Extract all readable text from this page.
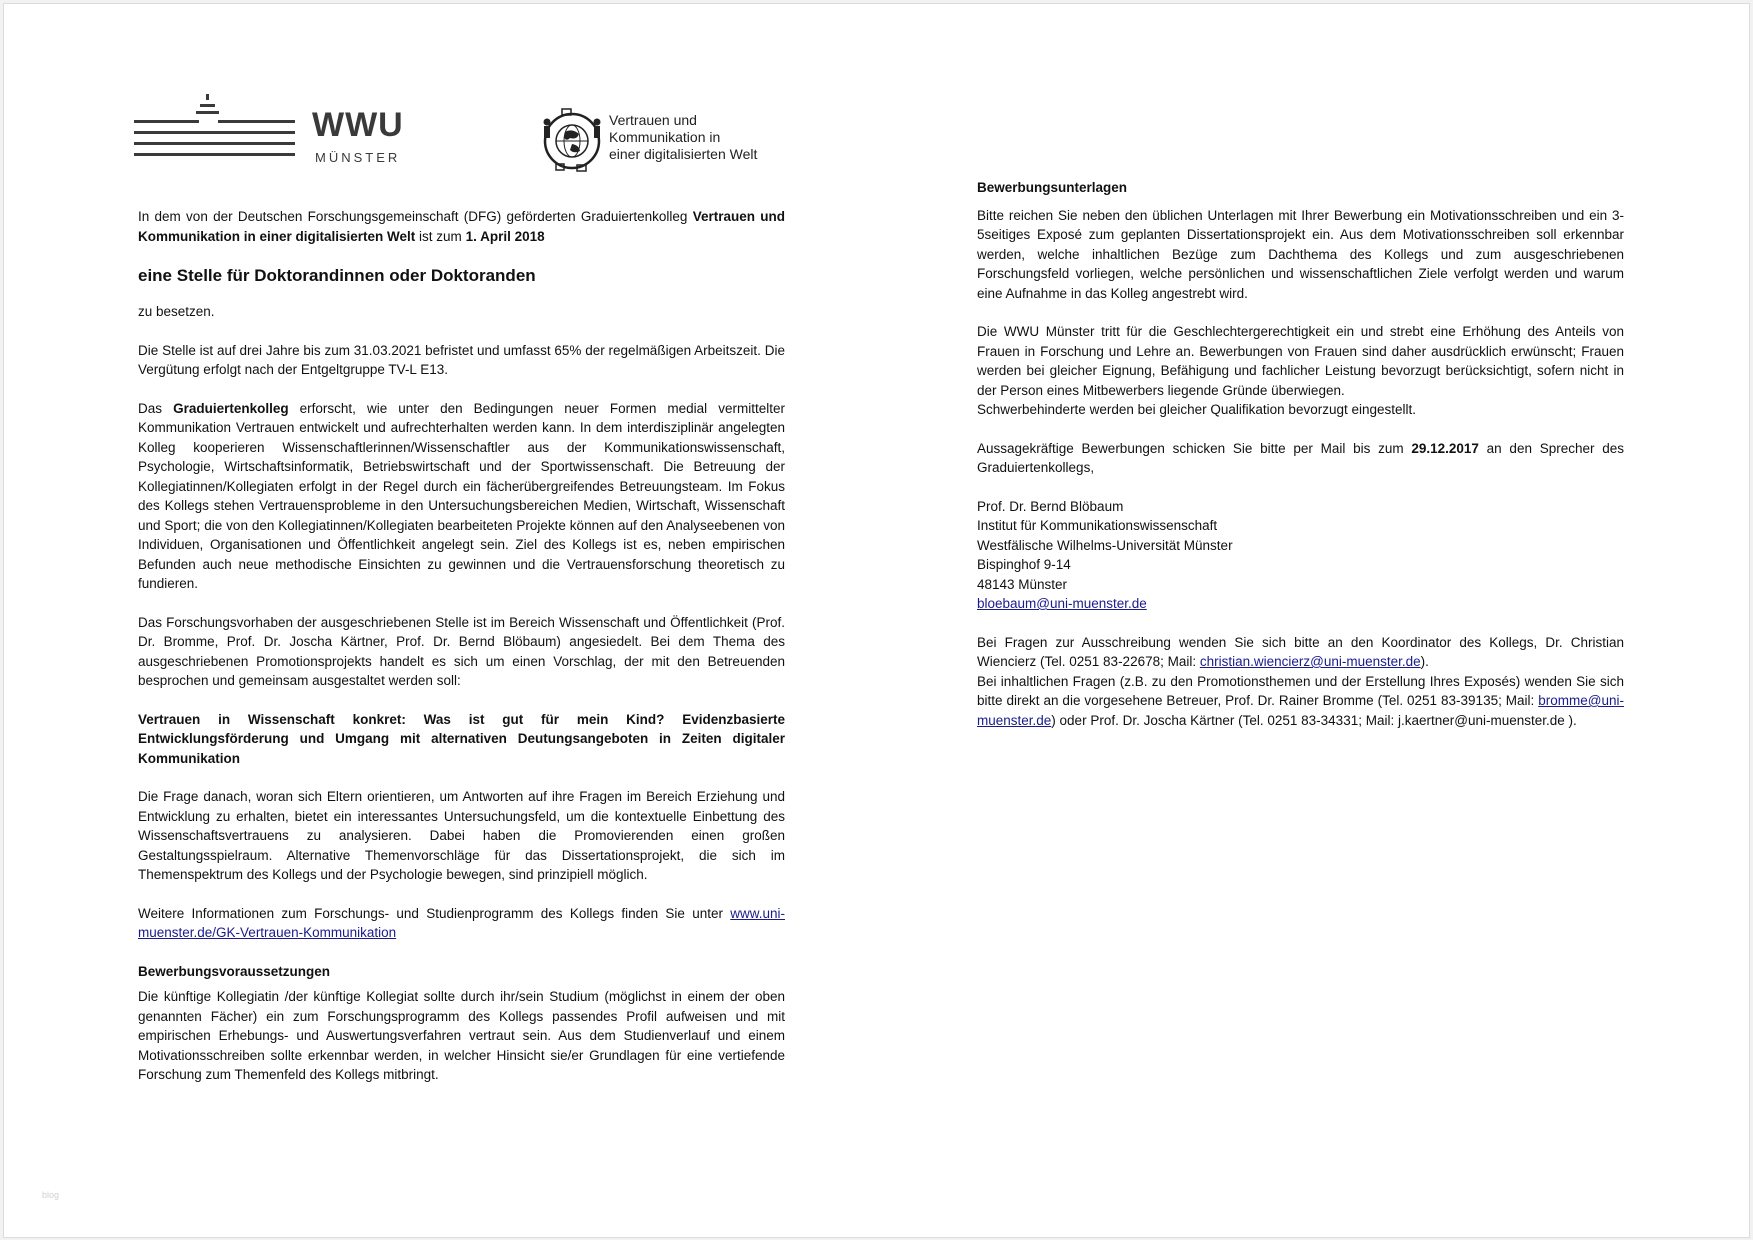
WWU
MÜNSTER
Vertrauen und
Kommunikation in
einer digitalisierten Welt

In dem von der Deutschen Forschungsgemeinschaft (DFG) geförderten Graduiertenkolleg Vertrauen und Kommunikation in einer digitalisierten Welt ist zum 1. April 2018

eine Stelle für Doktorandinnen oder Doktoranden

zu besetzen.

Die Stelle ist auf drei Jahre bis zum 31.03.2021 befristet und umfasst 65% der regelmäßigen Arbeitszeit. Die Vergütung erfolgt nach der Entgeltgruppe TV-L E13.

Das Graduiertenkolleg erforscht, wie unter den Bedingungen neuer Formen medial vermittelter Kommunikation Vertrauen entwickelt und aufrechterhalten werden kann. In dem interdisziplinär angelegten Kolleg kooperieren Wissenschaftlerinnen/Wissenschaftler aus der Kommunikationswissenschaft, Psychologie, Wirtschaftsinformatik, Betriebswirtschaft und der Sportwissenschaft. Die Betreuung der Kollegiatinnen/Kollegiaten erfolgt in der Regel durch ein fächerübergreifendes Betreuungsteam. Im Fokus des Kollegs stehen Vertrauensprobleme in den Untersuchungsbereichen Medien, Wirtschaft, Wissenschaft und Sport; die von den Kollegiatinnen/Kollegiaten bearbeiteten Projekte können auf den Analyseebenen von Individuen, Organisationen und Öffentlichkeit angelegt sein. Ziel des Kollegs ist es, neben empirischen Befunden auch neue methodische Einsichten zu gewinnen und die Vertrauensforschung theoretisch zu fundieren.

Das Forschungsvorhaben der ausgeschriebenen Stelle ist im Bereich Wissenschaft und Öffentlichkeit (Prof. Dr. Bromme, Prof. Dr. Joscha Kärtner, Prof. Dr. Bernd Blöbaum) angesiedelt. Bei dem Thema des ausgeschriebenen Promotionsprojekts handelt es sich um einen Vorschlag, der mit den Betreuenden besprochen und gemeinsam ausgestaltet werden soll:

Vertrauen in Wissenschaft konkret: Was ist gut für mein Kind? Evidenzbasierte Entwicklungsförderung und Umgang mit alternativen Deutungsangeboten in Zeiten digitaler Kommunikation

Die Frage danach, woran sich Eltern orientieren, um Antworten auf ihre Fragen im Bereich Erziehung und Entwicklung zu erhalten, bietet ein interessantes Untersuchungsfeld, um die kontextuelle Einbettung des Wissenschaftsvertrauens zu analysieren. Dabei haben die Promovierenden einen großen Gestaltungsspielraum. Alternative Themenvorschläge für das Dissertationsprojekt, die sich im Themenspektrum des Kollegs und der Psychologie bewegen, sind prinzipiell möglich.

Weitere Informationen zum Forschungs- und Studienprogramm des Kollegs finden Sie unter www.uni-muenster.de/GK-Vertrauen-Kommunikation

Bewerbungsvoraussetzungen

Die künftige Kollegiatin /der künftige Kollegiat sollte durch ihr/sein Studium (möglichst in einem der oben genannten Fächer) ein zum Forschungsprogramm des Kollegs passendes Profil aufweisen und mit empirischen Erhebungs- und Auswertungsverfahren vertraut sein. Aus dem Studienverlauf und einem Motivationsschreiben sollte erkennbar werden, in welcher Hinsicht sie/er Grundlagen für eine vertiefende Forschung zum Themenfeld des Kollegs mitbringt.

Bewerbungsunterlagen

Bitte reichen Sie neben den üblichen Unterlagen mit Ihrer Bewerbung ein Motivationsschreiben und ein 3-5seitiges Exposé zum geplanten Dissertationsprojekt ein. Aus dem Motivationsschreiben soll erkennbar werden, welche inhaltlichen Bezüge zum Dachthema des Kollegs und zum ausgeschriebenen Forschungsfeld vorliegen, welche persönlichen und wissenschaftlichen Ziele verfolgt werden und warum eine Aufnahme in das Kolleg angestrebt wird.

Die WWU Münster tritt für die Geschlechtergerechtigkeit ein und strebt eine Erhöhung des Anteils von Frauen in Forschung und Lehre an. Bewerbungen von Frauen sind daher ausdrücklich erwünscht; Frauen werden bei gleicher Eignung, Befähigung und fachlicher Leistung bevorzugt berücksichtigt, sofern nicht in der Person eines Mitbewerbers liegende Gründe überwiegen.

Schwerbehinderte werden bei gleicher Qualifikation bevorzugt eingestellt.

Aussagekräftige Bewerbungen schicken Sie bitte per Mail bis zum 29.12.2017 an den Sprecher des Graduiertenkollegs,

Prof. Dr. Bernd Blöbaum
Institut für Kommunikationswissenschaft
Westfälische Wilhelms-Universität Münster
Bispinghof 9-14
48143 Münster
bloebaum@uni-muenster.de

Bei Fragen zur Ausschreibung wenden Sie sich bitte an den Koordinator des Kollegs, Dr. Christian Wiencierz (Tel. 0251 83-22678; Mail: christian.wiencierz@uni-muenster.de).

Bei inhaltlichen Fragen (z.B. zu den Promotionsthemen und der Erstellung Ihres Exposés) wenden Sie sich bitte direkt an die vorgesehene Betreuer, Prof. Dr. Rainer Bromme (Tel. 0251 83-39135; Mail: bromme@uni-muenster.de) oder Prof. Dr. Joscha Kärtner (Tel. 0251 83-34331; Mail: j.kaertner@uni-muenster.de ).

blog
